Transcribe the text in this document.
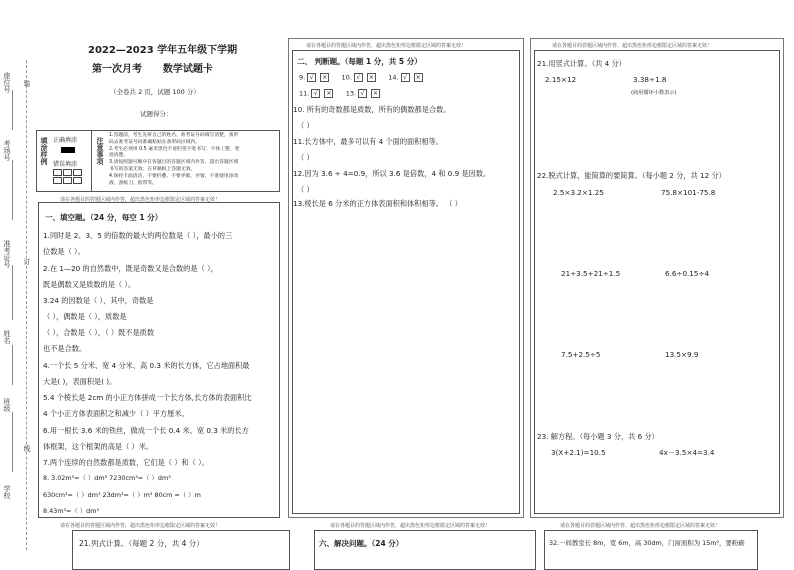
座位号 装
考场号
准考证号 订
姓名
班级
线
学校
2022—2023 学年五年级下学期
第一次月考      数学试题卡
（全卷共 2 页，试题 100 分）
试题得分：
填涂样例 正确填涂
错误填涂	注意事项
1.答题前，考生先将自己的姓名、准考证号码填写清楚，条形
码去准考证号码准确粘贴在条形码区域内。
2.考生必须用 0.5 毫米黑色字迹的签字笔书写，字体工整，笔
迹清楚。
3.请按照题号顺序在各题目的答题区域内作答，超出答题区域
书写的答案无效；在草稿纸上答题无效。
4.保持卡面清洁，不要折叠、不要弄破、弄皱，不准使用涂改
液、刮纸刀、胶带等。
请在各题目的答题区域内作答，超出黑色矩形边框限定区域的答案无效！
一、填空题。（24 分，每空 1 分）
1.同时是 2、3、5 的倍数的最大的两位数是（ ），最小的三
位数是（ ）。
2.在 1—20 的自然数中，既是奇数又是合数的是（ ），
既是偶数又是质数的是（ ）。
3.24 的因数是（ ），其中，奇数是
（ ），偶数是（ ），质数是
（ ），合数是（ ），（ ）既不是质数
也不是合数。
4.一个长 5 分米、宽 4 分米、高 0.3 米的长方体，它占地面积最
大是( )，表面积是( )。
5.4 个棱长是 2cm 的小正方体拼成一个长方体,长方体的表面积比
4 个小正方体表面积之和减少（ ）平方厘米。
6.用一根长 3.6 米的铁丝，做成一个长 0.4 米、宽 0.3 米的长方
体框架，这个框架的高是（ ）米。
7.两个连续的自然数都是质数，它们是（ ）和（ ）。
8. 3.02m³=（ ）dm³ 7230cm³=（ ）dm³
630cm³=（ ）dm³ 23dm³=（ ）m³ 80cm =（ ）m
8.43m³=（ ）dm³
请在各题目的答题区域内作答，超出黑色矩形边框限定区域的答案无效！
21.列式计算。（每题 2 分，共 4 分）
请在各题目的答题区域内作答，超出黑色矩形边框限定区域的答案无效！
二、 判断题。（每题 1 分，共 5 分）
9. √ × 10. √ × 14. √ ×
11. √ × 13. √ ×
10. 所有的奇数都是质数，所有的偶数都是合数。
（ ）
11.长方体中，最多可以有 4 个面的面积相等。
（ ）
12.因为 3.6 ÷ 4=0.9，所以 3.6 是倍数，4 和 0.9 是因数。
（ ）
13.棱长是 6 分米的正方体表面积和体积相等。 （ ）
请在各题目的答题区域内作答，超出黑色矩形边框限定区域的答案无效！
六、解决问题。（24 分）
请在各题目的答题区域内作答，超出黑色矩形边框限定区域的答案无效！
21.用竖式计算。（共 4 分）
2.15×12	3.38÷1.8
(商用循环小数表示)
22.脱式计算，能简算的要简算。（每小题 2 分，共 12 分）
2.5×3.2×1.25	75.8×101-75.8
21÷3.5+21÷1.5	6.6÷0.15÷4
7.5+2.5÷5	13.5×9.9
23. 解方程。（每小题 3 分，共 6 分）
3(X+2.1)=10.5	4x－3.5×4=3.4
请在各题目的答题区域内作答，超出黑色矩形边框限定区域的答案无效！
32.一间教室长 8m，宽 6m，高 30dm，门窗面积为 15m²，要粉刷
